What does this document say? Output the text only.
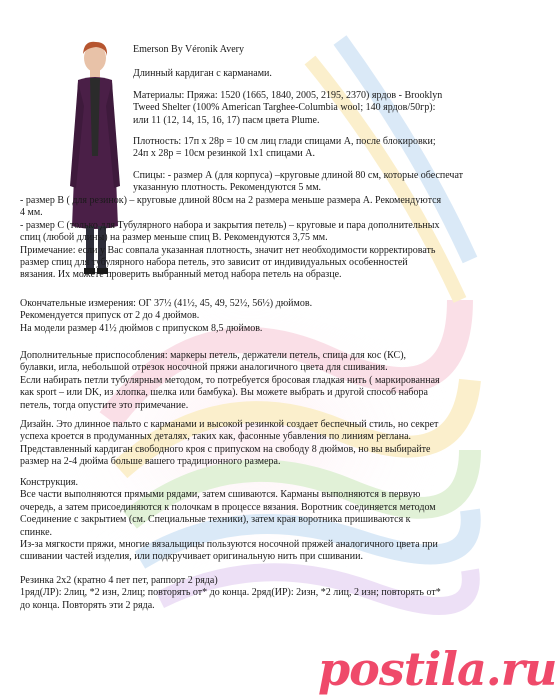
Emerson By Véronik Avery
Длинный кардиган с карманами.
Материалы: Пряжа: 1520 (1665, 1840, 2005, 2195, 2370) ярдов - Brooklyn
Tweed Shelter (100% American Targhee-Columbia wool; 140 ярдов/50гр):
или 11 (12, 14, 15, 16, 17) пасм цвета Plume.
Плотность: 17п х 28р = 10 см лиц глади спицами А, после блокировки;
24п х 28р = 10см резинкой 1х1 спицами А.
Спицы: - размер А (для корпуса) –круговые длиной 80 см, которые обеспечат
указанную плотность. Рекомендуются 5 мм.
- размер В ( для резинок) – круговые длиной 80см на 2 размера меньше размера А. Рекомендуются
4 мм.
- размер С (только для Тубулярного набора и закрытия петель) – круговые и пара дополнительных
спиц (любой длины) на размер меньше спиц В. Рекомендуются 3,75 мм.
Примечание: если у Вас совпала указанная плотность, значит нет необходимости корректировать
размер спиц для тубулярного набора петель, это зависит от индивидуальных особенностей
вязания. Их можете проверить выбранный метод набора петель на образце.
Окончательные измерения: ОГ 37½ (41½, 45, 49, 52½, 56½) дюймов.
Рекомендуется припуск от 2 до 4 дюймов.
На модели размер 41½ дюймов с припуском 8,5 дюймов.
Дополнительные приспособления: маркеры петель, держатели петель, спица для кос (КС),
булавки, игла, небольшой отрезок носочной пряжи аналогичного цвета для сшивания.
Если набирать петли тубулярным методом, то потребуется бросовая гладкая нить ( маркированная
как sport – или DK, из хлопка, шелка или бамбука). Вы можете выбрать и другой способ набора
петель, тогда опустите это примечание.
Дизайн. Это длинное пальто с карманами и высокой резинкой создает беспечный стиль, но секрет
успеха кроется в продуманных деталях, таких как, фасонные убавления по линиям реглана.
Представленный кардиган свободного кроя с припуском на свободу 8 дюймов, но вы выбирайте
размер на 2-4 дюйма больше вашего традиционного размера.
Конструкция.
Все части выполняются прямыми рядами, затем сшиваются. Карманы выполняются в первую
очередь, а затем присоединяются к полочкам в процессе вязания. Воротник соединяется методом
Соединение с закрытием (см. Специальные техники), затем края воротника пришиваются к
спинке.
Из-за мягкости пряжи, многие вязальщицы пользуются носочной пряжей аналогичного цвета при
сшивании частей изделия, или подкручивает оригинальную нить при сшивании.
Резинка 2х2 (кратно 4 пет пет, раппорт 2 ряда)
1ряд(ЛР): 2лиц, *2 изн, 2лиц; повторять от* до конца. 2ряд(ИР): 2изн, *2 лиц, 2 изн; повторять от*
до конца. Повторять эти 2 ряда.
postila.ru
